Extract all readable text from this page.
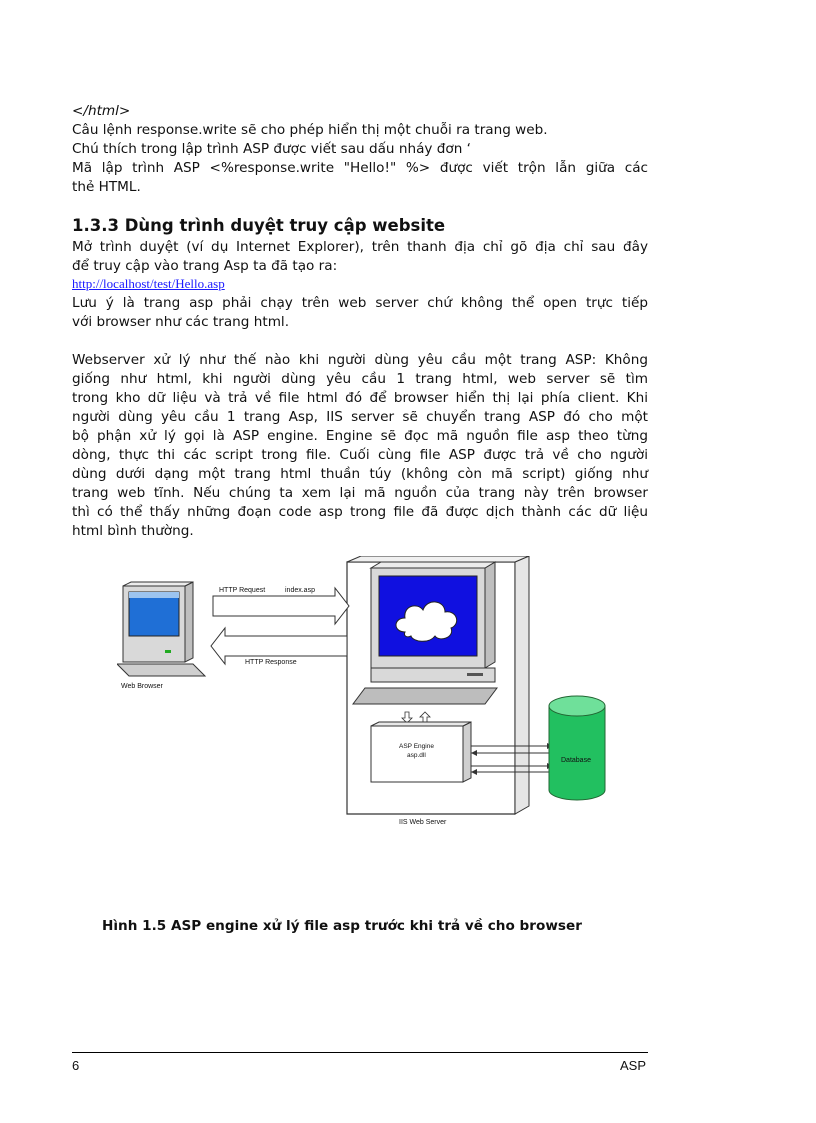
</html>
Câu lệnh response.write sẽ cho phép hiển thị một chuỗi ra trang web.
Chú thích trong lập trình ASP được viết sau dấu nháy đơn ‘
Mã lập trình ASP <%response.write "Hello!" %> được viết trộn lẫn giữa các
thẻ HTML.
1.3.3 Dùng trình duyệt truy cập website
Mở trình duyệt (ví dụ Internet Explorer), trên thanh địa chỉ gõ địa chỉ sau đây
để truy cập vào trang Asp ta đã tạo ra:
http://localhost/test/Hello.asp
Lưu ý là trang asp phải chạy trên web server chứ không thể open trực tiếp
với browser như các trang html.
Webserver xử lý như thế nào khi người dùng yêu cầu một trang ASP: Không
giống như html, khi người dùng yêu cầu 1 trang html, web server sẽ tìm
trong kho dữ liệu và trả về file html đó để browser hiển thị lại phía client. Khi
người dùng yêu cầu 1 trang Asp, IIS server sẽ chuyển trang ASP đó cho một
bộ phận xử lý gọi là ASP engine. Engine sẽ đọc mã nguồn file asp theo từng
dòng, thực thi các script trong file. Cuối cùng file ASP được trả về cho người
dùng dưới dạng một trang html thuần túy (không còn mã script) giống như
trang web tĩnh. Nếu chúng ta xem lại mã nguồn của trang này trên browser
thì có thể thấy những đoạn code asp trong file đã được dịch thành các dữ liệu
html bình thường.
Web Browser
HTTP Request	index.asp
HTTP Response
ASP Engine
asp.dll
Database
IIS Web Server
Hình 1.5 ASP engine xử lý file asp trước khi trả về cho browser
6	ASP
